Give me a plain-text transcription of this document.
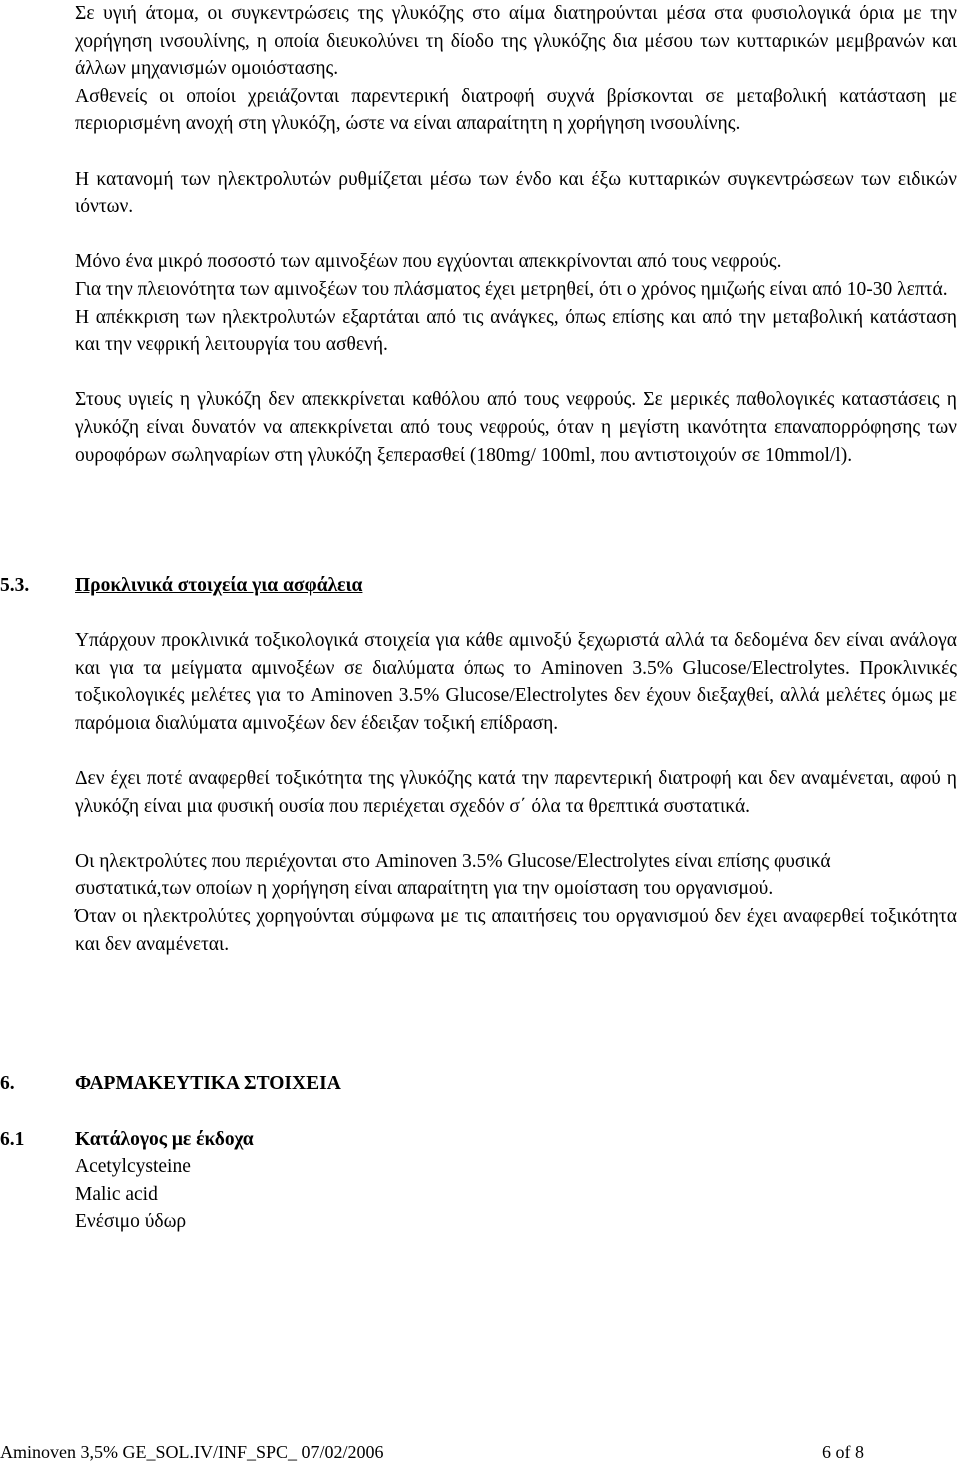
Σε υγιή άτομα, οι συγκεντρώσεις της γλυκόζης στο αίμα διατηρούνται μέσα στα φυσιολογικά όρια με την χορήγηση ινσουλίνης, η οποία διευκολύνει τη δίοδο της γλυκόζης δια μέσου των κυτταρικών μεμβρανών και άλλων μηχανισμών ομοιόστασης.

Ασθενείς οι οποίοι χρειάζονται παρεντερική διατροφή συχνά βρίσκονται σε μεταβολική κατάσταση με περιορισμένη ανοχή στη γλυκόζη, ώστε να είναι απαραίτητη η χορήγηση ινσουλίνης.

Η κατανομή των ηλεκτρολυτών ρυθμίζεται μέσω των ένδο και έξω κυτταρικών συγκεντρώσεων των ειδικών ιόντων.

Μόνο ένα μικρό ποσοστό των αμινοξέων που εγχύονται απεκκρίνονται από τους νεφρούς.

Για την πλειονότητα των αμινοξέων του πλάσματος έχει μετρηθεί, ότι ο χρόνος ημιζωής είναι από 10-30 λεπτά.

Η απέκκριση των ηλεκτρολυτών εξαρτάται από τις ανάγκες, όπως επίσης και από την μεταβολική κατάσταση και την νεφρική λειτουργία του ασθενή.

Στους υγιείς η γλυκόζη δεν απεκκρίνεται καθόλου από τους νεφρούς. Σε μερικές παθολογικές καταστάσεις η γλυκόζη είναι δυνατόν να απεκκρίνεται από τους νεφρούς, όταν η μεγίστη ικανότητα επαναπορρόφησης των ουροφόρων σωληναρίων στη γλυκόζη ξεπερασθεί (180mg/ 100ml, που αντιστοιχούν σε 10mmol/l).

5.3. Προκλινικά στοιχεία για ασφάλεια

Υπάρχουν προκλινικά τοξικολογικά στοιχεία για κάθε αμινοξύ ξεχωριστά αλλά τα δεδομένα δεν είναι ανάλογα και για τα μείγματα αμινοξέων σε διαλύματα όπως το Aminoven 3.5% Glucose/Electrolytes. Προκλινικές τοξικολογικές μελέτες για το Aminoven 3.5% Glucose/Electrolytes δεν έχουν διεξαχθεί, αλλά μελέτες όμως με παρόμοια διαλύματα αμινοξέων δεν έδειξαν τοξική επίδραση.

Δεν έχει ποτέ αναφερθεί τοξικότητα της γλυκόζης κατά την παρεντερική διατροφή και δεν αναμένεται, αφού η γλυκόζη είναι μια φυσική ουσία που περιέχεται σχεδόν σ΄ όλα τα θρεπτικά συστατικά.

Οι ηλεκτρολύτες που περιέχονται στο Aminoven 3.5% Glucose/Electrolytes είναι επίσης φυσικά συστατικά,των οποίων η χορήγηση είναι απαραίτητη για την ομοίσταση του οργανισμού.

Όταν οι ηλεκτρολύτες χορηγούνται σύμφωνα με τις απαιτήσεις του οργανισμού δεν έχει αναφερθεί τοξικότητα και δεν αναμένεται.

6.	ΦΑΡΜΑΚΕΥΤΙΚΑ ΣΤΟΙΧΕΙΑ
6.1	Κατάλογος με έκδοχα
Acetylcysteine
Malic acid
Ενέσιμο ύδωρ
Aminoven 3,5% GE_SOL.IV/INF_SPC_ 07/02/2006	6 of 8
